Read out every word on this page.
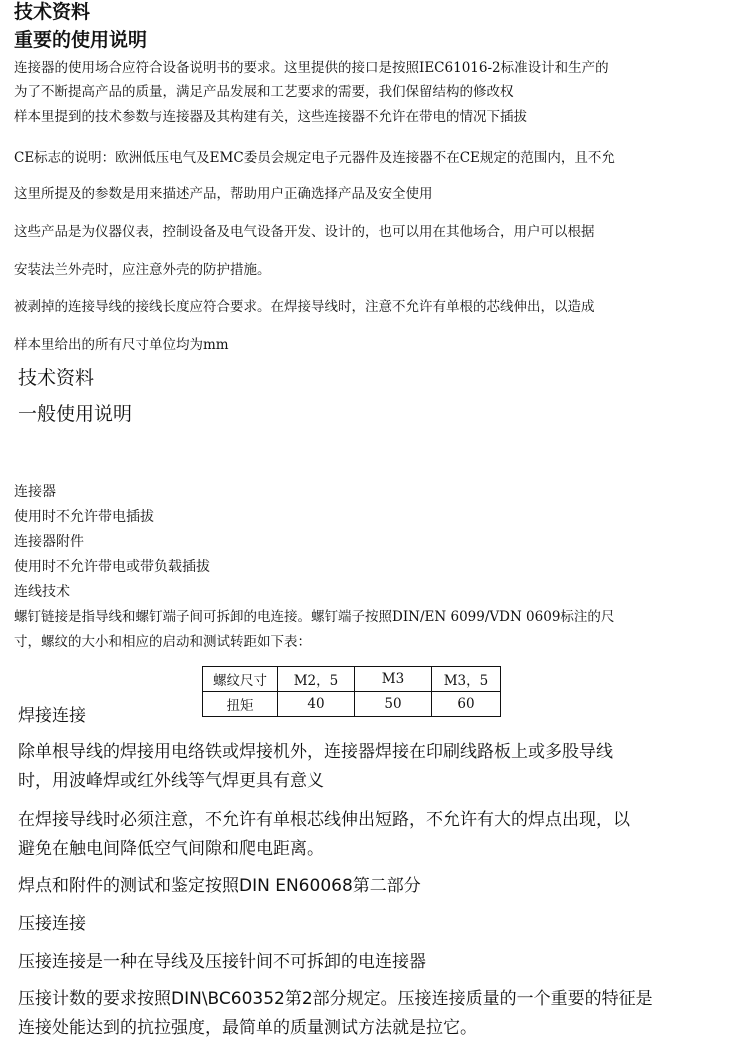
技术资料
重要的使用说明
连接器的使用场合应符合设备说明书的要求。这里提供的接口是按照IEC61016-2标准设计和生产的
为了不断提高产品的质量，满足产品发展和工艺要求的需要，我们保留结构的修改权
样本里提到的技术参数与连接器及其构建有关，这些连接器不允许在带电的情况下插拔
CE标志的说明：欧洲低压电气及EMC委员会规定电子元器件及连接器不在CE规定的范围内，且不允
这里所提及的参数是用来描述产品，帮助用户正确选择产品及安全使用
这些产品是为仪器仪表，控制设备及电气设备开发、设计的，也可以用在其他场合，用户可以根据
安装法兰外壳时，应注意外壳的防护措施。
被剥掉的连接导线的接线长度应符合要求。在焊接导线时，注意不允许有单根的芯线伸出，以造成
样本里给出的所有尺寸单位均为mm
技术资料
一般使用说明
连接器
使用时不允许带电插拔
连接器附件
使用时不允许带电或带负载插拔
连线技术
螺钉链接是指导线和螺钉端子间可拆卸的电连接。螺钉端子按照DIN/EN 6099/VDN 0609标注的尺
寸，螺纹的大小和相应的启动和测试转距如下表：
螺纹尺寸	M2，5	M3	M3，5
扭矩	40	50	60
焊接连接
除单根导线的焊接用电络铁或焊接机外，连接器焊接在印刷线路板上或多股导线
时，用波峰焊或红外线等气焊更具有意义
在焊接导线时必须注意，不允许有单根芯线伸出短路，不允许有大的焊点出现，以
避免在触电间降低空气间隙和爬电距离。
焊点和附件的测试和鉴定按照DIN EN60068第二部分
压接连接
压接连接是一种在导线及压接针间不可拆卸的电连接器
压接计数的要求按照DIN\BC60352第2部分规定。压接连接质量的一个重要的特征是
连接处能达到的抗拉强度，最简单的质量测试方法就是拉它。
